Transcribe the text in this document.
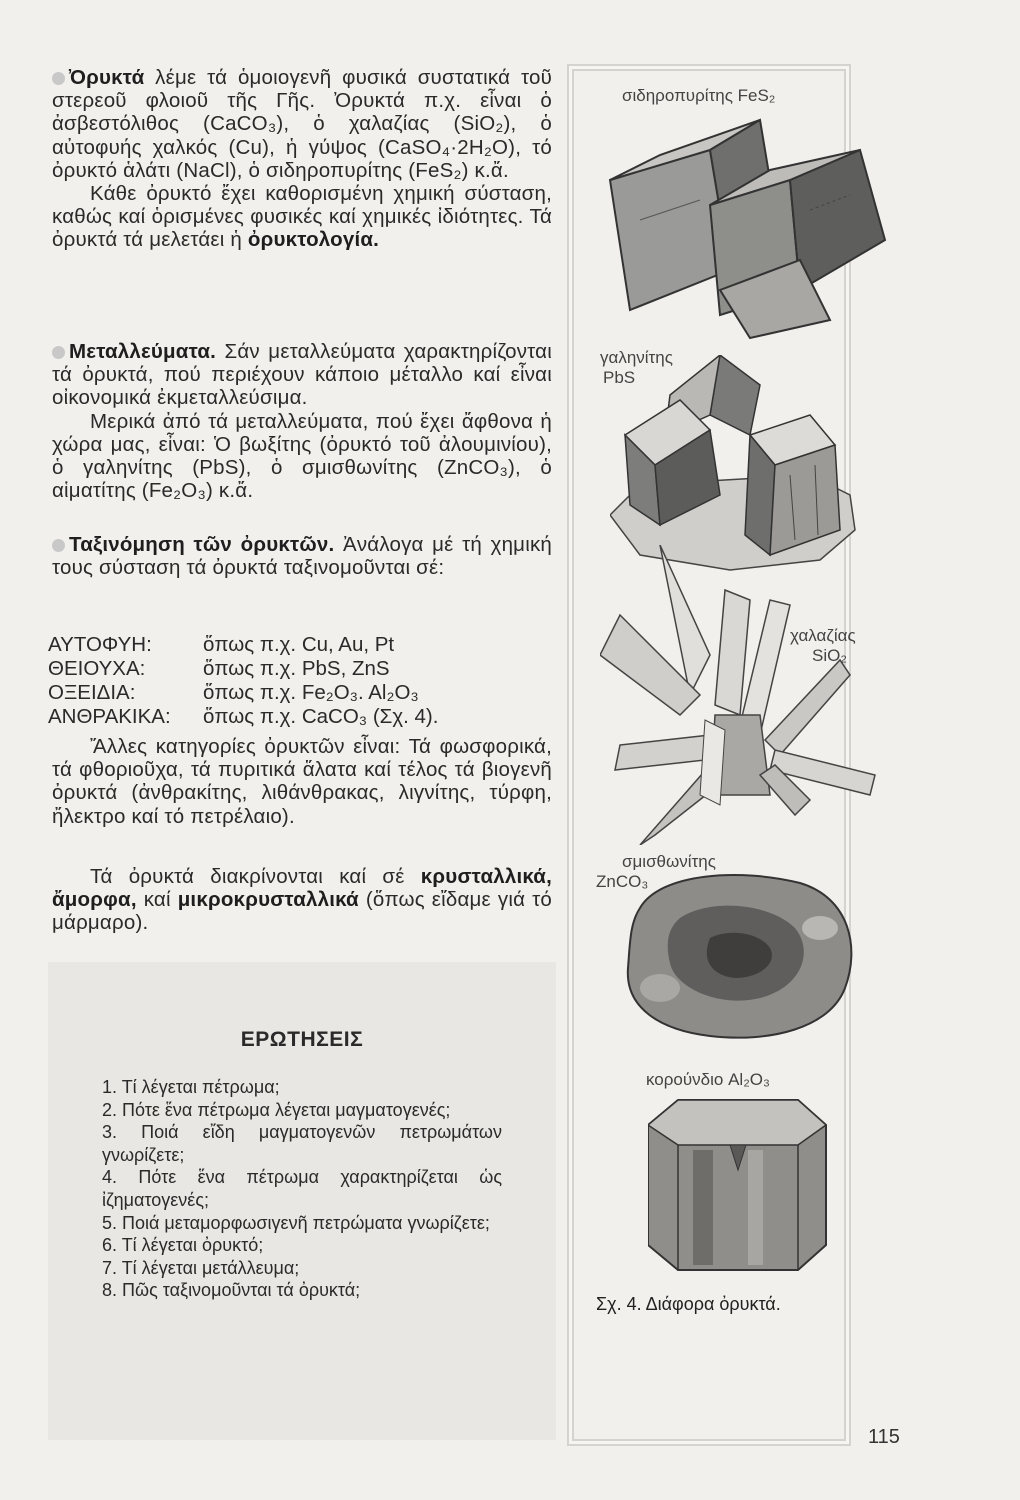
Ὀρυκτά λέμε τά ὁμοιογενῆ φυσικά συστατικά τοῦ στερεοῦ φλοιοῦ τῆς Γῆς. Ὀρυκτά π.χ. εἶναι ὁ ἀσβεστόλιθος (CaCO₃), ὁ χαλαζίας (SiO₂), ὁ αὐτοφυής χαλκός (Cu), ἡ γύψος (CaSO₄·2H₂O), τό ὀρυκτό ἁλάτι (NaCl), ὁ σιδηροπυρίτης (FeS₂) κ.ἄ.

Κάθε ὀρυκτό ἔχει καθορισμένη χημική σύσταση, καθώς καί ὁρισμένες φυσικές καί χημικές ἰδιότητες. Τά ὀρυκτά τά μελετάει ἡ ὀρυκτολογία.

Μεταλλεύματα. Σάν μεταλλεύματα χαρακτηρίζονται τά ὀρυκτά, πού περιέχουν κάποιο μέταλλο καί εἶναι οἰκονομικά ἐκμεταλλεύσιμα.

Μερικά ἀπό τά μεταλλεύματα, πού ἔχει ἄφθονα ἡ χώρα μας, εἶναι: Ὁ βωξίτης (ὀρυκτό τοῦ ἀλουμινίου), ὁ γαληνίτης (PbS), ὁ σμισθωνίτης (ZnCO₃), ὁ αἱματίτης (Fe₂O₃) κ.ἄ.

Ταξινόμηση τῶν ὀρυκτῶν. Ἀνάλογα μέ τή χημική τους σύσταση τά ὀρυκτά ταξινομοῦνται σέ:

ΑΥΤΟΦΥΗ:	ὅπως π.χ. Cu, Au, Pt
ΘΕΙΟΥΧΑ:	ὅπως π.χ. PbS, ZnS
ΟΞΕΙΔΙΑ:	ὅπως π.χ. Fe₂O₃. Al₂O₃
ΑΝΘΡΑΚΙΚΑ:	ὅπως π.χ. CaCO₃ (Σχ. 4).

Ἄλλες κατηγορίες ὀρυκτῶν εἶναι: Τά φωσφορικά, τά φθοριοῦχα, τά πυριτικά ἅλατα καί τέλος τά βιογενῆ ὀρυκτά (ἀνθρακίτης, λιθάνθρακας, λιγνίτης, τύρφη, ἤλεκτρο καί τό πετρέλαιο).

Τά ὀρυκτά διακρίνονται καί σέ κρυσταλλικά, ἄμορφα, καί μικροκρυσταλλικά (ὅπως εἴδαμε γιά τό μάρμαρο).

ΕΡΩΤΗΣΕΙΣ
1. Τί λέγεται πέτρωμα;
2. Πότε ἕνα πέτρωμα λέγεται μαγματογενές;
3. Ποιά εἴδη μαγματογενῶν πετρωμάτων γνωρίζετε;
4. Πότε ἕνα πέτρωμα χαρακτηρίζεται ὡς ἰζηματογενές;
5. Ποιά μεταμορφωσιγενῆ πετρώματα γνωρίζετε;
6. Τί λέγεται ὀρυκτό;
7. Τί λέγεται μετάλλευμα;
8. Πῶς ταξινομοῦνται τά ὀρυκτά;
σιδηροπυρίτης FeS₂
γαληνίτης
PbS
χαλαζίας
SiO₂
σμισθωνίτης
ZnCO₃
κορούνδιο Al₂O₃
Σχ. 4. Διάφορα ὀρυκτά.
115
